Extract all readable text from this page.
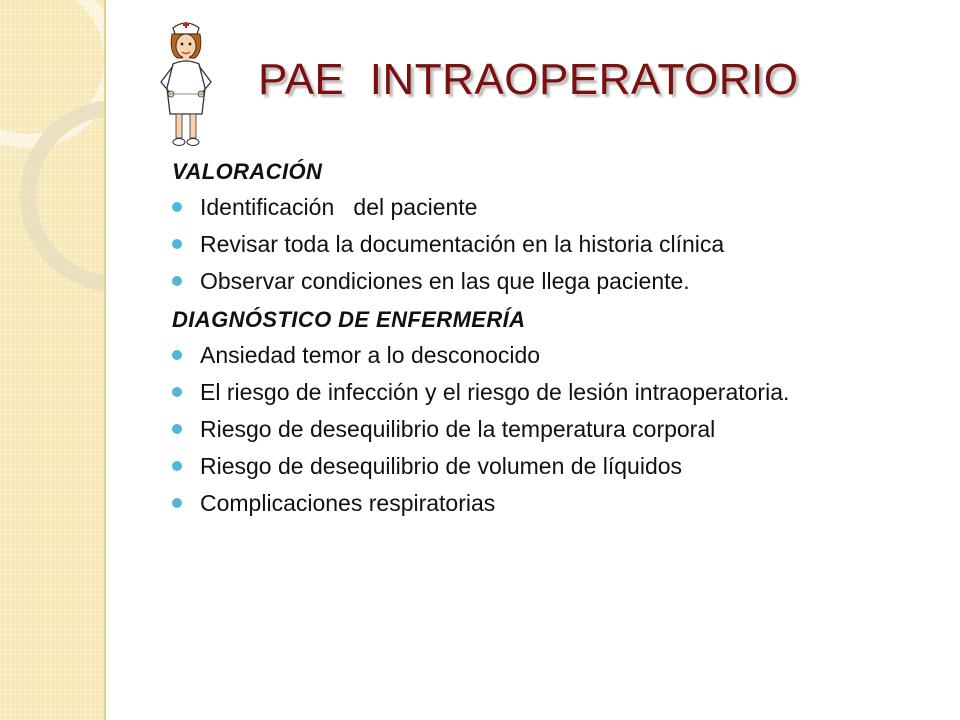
PAE  INTRAOPERATORIO
VALORACIÓN
Identificación   del paciente
Revisar toda la documentación en la historia clínica
Observar condiciones en las que llega paciente.
DIAGNÓSTICO DE ENFERMERÍA
Ansiedad temor a lo desconocido
El riesgo de infección y el riesgo de lesión intraoperatoria.
Riesgo de desequilibrio de la temperatura corporal
Riesgo de desequilibrio de volumen de líquidos
Complicaciones respiratorias
